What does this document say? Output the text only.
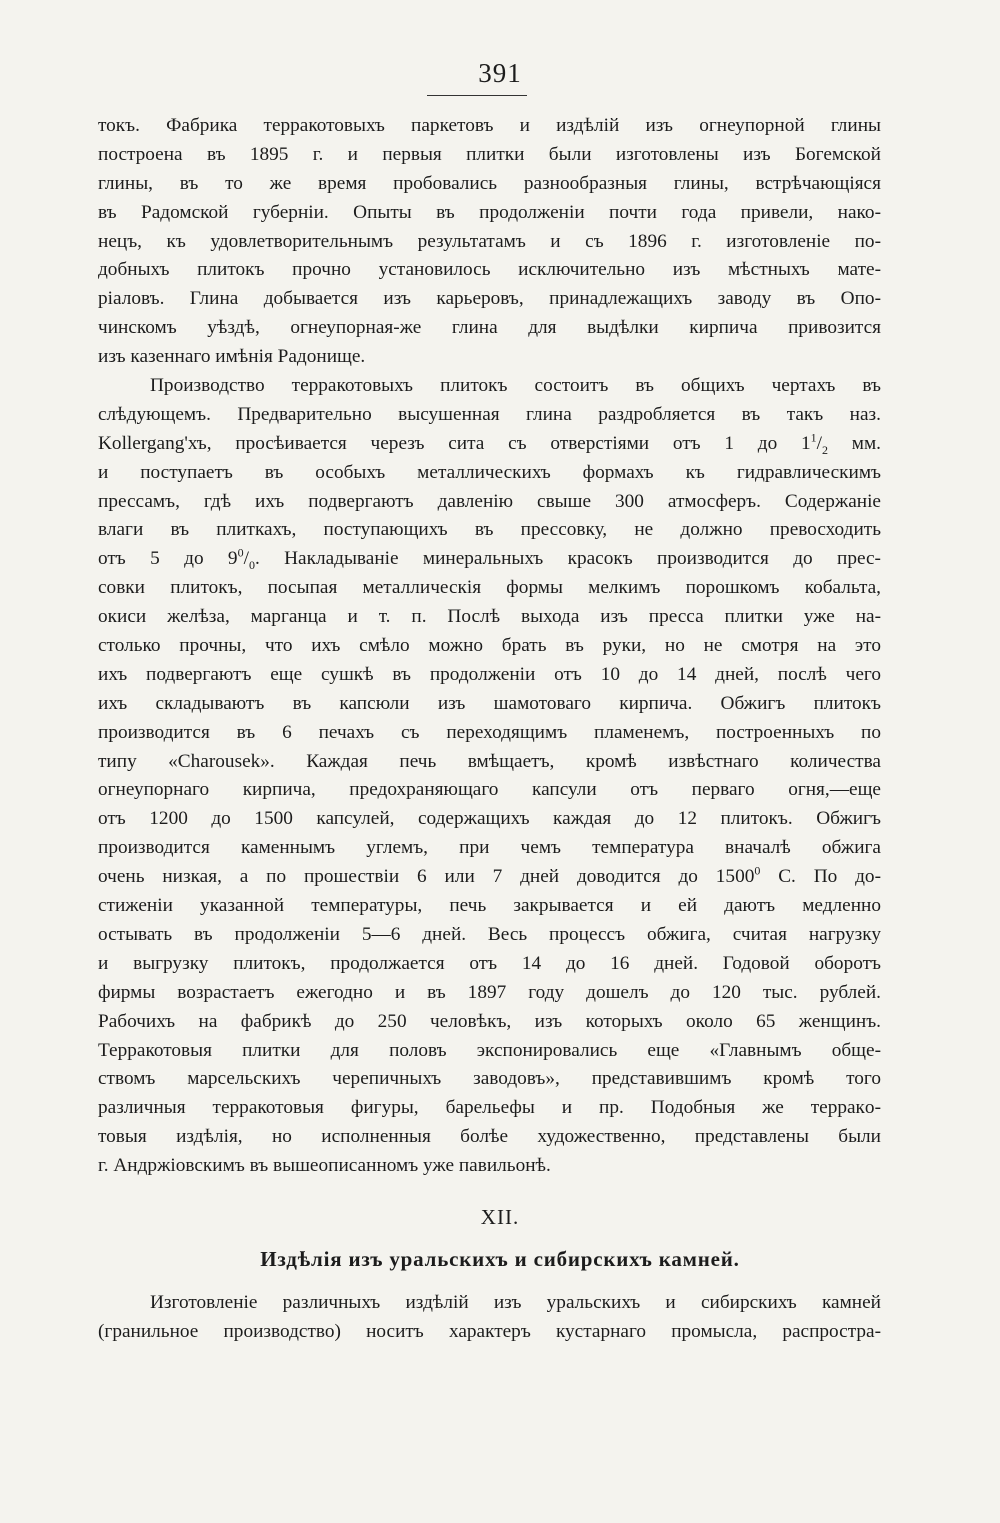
391
токъ. Фабрика терракотовыхъ паркетовъ и издѣлій изъ огнеупорной глины
построена въ 1895 г. и первыя плитки были изготовлены изъ Богемской
глины, въ то же время пробовались разнообразныя глины, встрѣчающіяся
въ Радомской губерніи. Опыты въ продолженіи почти года привели, нако-
нецъ, къ удовлетворительнымъ результатамъ и съ 1896 г. изготовленіе по-
добныхъ плитокъ прочно установилось исключительно изъ мѣстныхъ мате-
ріаловъ. Глина добывается изъ карьеровъ, принадлежащихъ заводу въ Опо-
чинскомъ уѣздѣ, огнеупорная-же глина для выдѣлки кирпича привозится
изъ казеннаго имѣнія Радонище.
Производство терракотовыхъ плитокъ состоитъ въ общихъ чертахъ въ
слѣдующемъ. Предварительно высушенная глина раздробляется въ такъ наз.
Kollergang'хъ, просѣивается черезъ сита съ отверстіями отъ 1 до $1^1/_2$ мм.
и поступаетъ въ особыхъ металлическихъ формахъ къ гидравлическимъ
прессамъ, гдѣ ихъ подвергаютъ давленію свыше 300 атмосферъ. Содержаніе
влаги въ плиткахъ, поступающихъ въ прессовку, не должно превосходить
отъ 5 до $9^0/_0$. Накладываніе минеральныхъ красокъ производится до прес-
совки плитокъ, посыпая металлическія формы мелкимъ порошкомъ кобальта,
окиси желѣза, марганца и т. п. Послѣ выхода изъ пресса плитки уже на-
столько прочны, что ихъ смѣло можно брать въ руки, но не смотря на это
ихъ подвергаютъ еще сушкѣ въ продолженіи отъ 10 до 14 дней, послѣ чего
ихъ складываютъ въ капсюли изъ шамотоваго кирпича. Обжигъ плитокъ
производится въ 6 печахъ съ переходящимъ пламенемъ, построенныхъ по
типу «Charousek». Каждая печь вмѣщаетъ, кромѣ извѣстнаго количества
огнеупорнаго кирпича, предохраняющаго капсули отъ перваго огня,—еще
отъ 1200 до 1500 капсулей, содержащихъ каждая до 12 плитокъ. Обжигъ
производится каменнымъ углемъ, при чемъ температура вначалѣ обжига
очень низкая, а по прошествіи 6 или 7 дней доводится до 1500$^0$ С. По до-
стиженіи указанной температуры, печь закрывается и ей даютъ медленно
остывать въ продолженіи 5—6 дней. Весь процессъ обжига, считая нагрузку
и выгрузку плитокъ, продолжается отъ 14 до 16 дней. Годовой оборотъ
фирмы возрастаетъ ежегодно и въ 1897 году дошелъ до 120 тыс. рублей.
Рабочихъ на фабрикѣ до 250 человѣкъ, изъ которыхъ около 65 женщинъ.
Терракотовыя плитки для половъ экспонировались еще «Главнымъ обще-
ствомъ марсельскихъ черепичныхъ заводовъ», представившимъ кромѣ того
различныя терракотовыя фигуры, барельефы и пр. Подобныя же терракo-
товыя издѣлія, но исполненныя болѣе художественно, представлены были
г. Андржіовскимъ въ вышеописанномъ уже павильонѣ.
XII.
Издѣлія изъ уральскихъ и сибирскихъ камней.
Изготовленіе различныхъ издѣлій изъ уральскихъ и сибирскихъ камней
(гранильное производство) носитъ характеръ кустарнаго промысла, распростра-
